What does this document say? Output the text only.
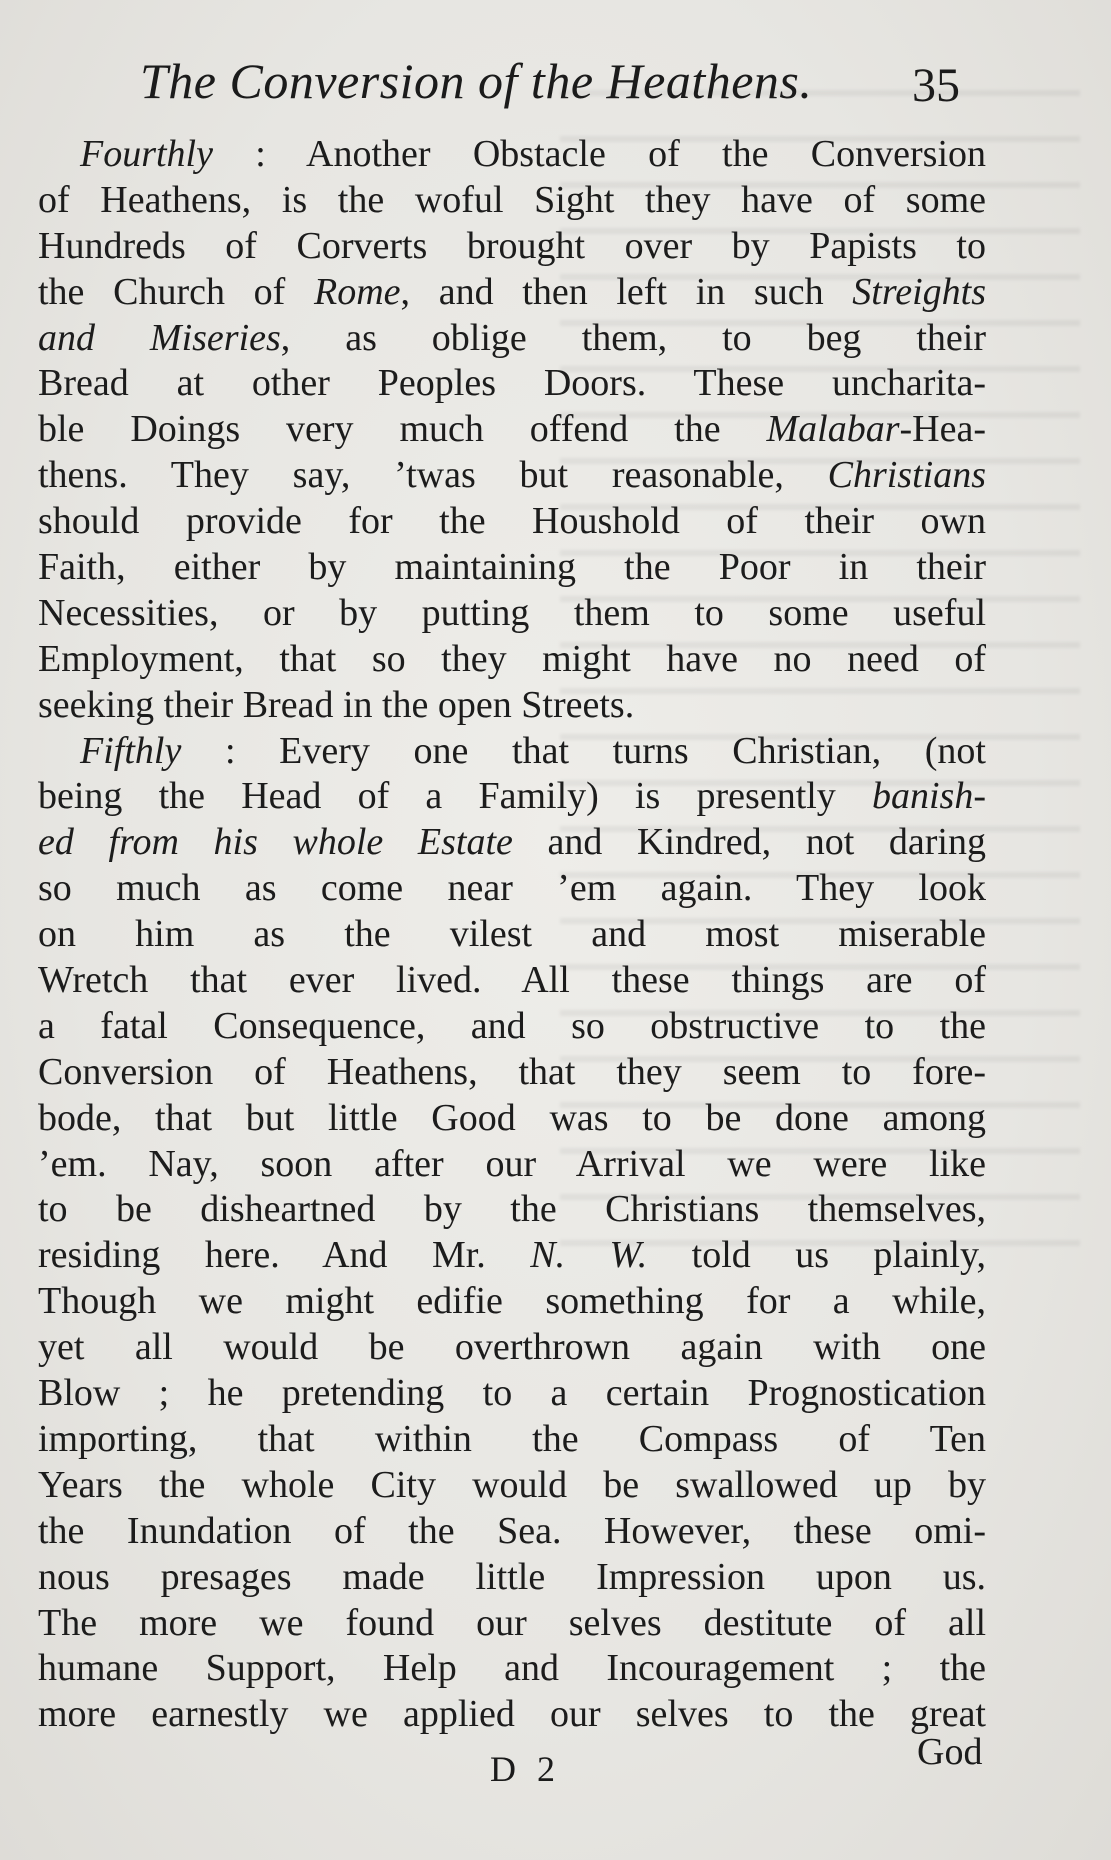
The Conversion of the Heathens. 35
Fourthly : Another Obstacle of the Conversion
of Heathens, is the woful Sight they have of some
Hundreds of Corverts brought over by Papists to
the Church of Rome, and then left in such Streights
and Miseries, as oblige them, to beg their
Bread at other Peoples Doors. These uncharita-
ble Doings very much offend the Malabar-Hea-
thens. They say, ’twas but reasonable, Christians
should provide for the Houshold of their own
Faith, either by maintaining the Poor in their
Necessities, or by putting them to some useful
Employment, that so they might have no need of
seeking their Bread in the open Streets.
Fifthly : Every one that turns Christian, (not
being the Head of a Family) is presently banish-
ed from his whole Estate and Kindred, not daring
so much as come near ’em again. They look
on him as the vilest and most miserable
Wretch that ever lived. All these things are of
a fatal Consequence, and so obstructive to the
Conversion of Heathens, that they seem to fore-
bode, that but little Good was to be done among
’em. Nay, soon after our Arrival we were like
to be disheartned by the Christians themselves,
residing here. And Mr. N. W. told us plainly,
Though we might edifie something for a while,
yet all would be overthrown again with one
Blow ; he pretending to a certain Prognostication
importing, that within the Compass of Ten
Years the whole City would be swallowed up by
the Inundation of the Sea. However, these omi-
nous presages made little Impression upon us.
The more we found our selves destitute of all
humane Support, Help and Incouragement ; the
more earnestly we applied our selves to the great
D 2	God
